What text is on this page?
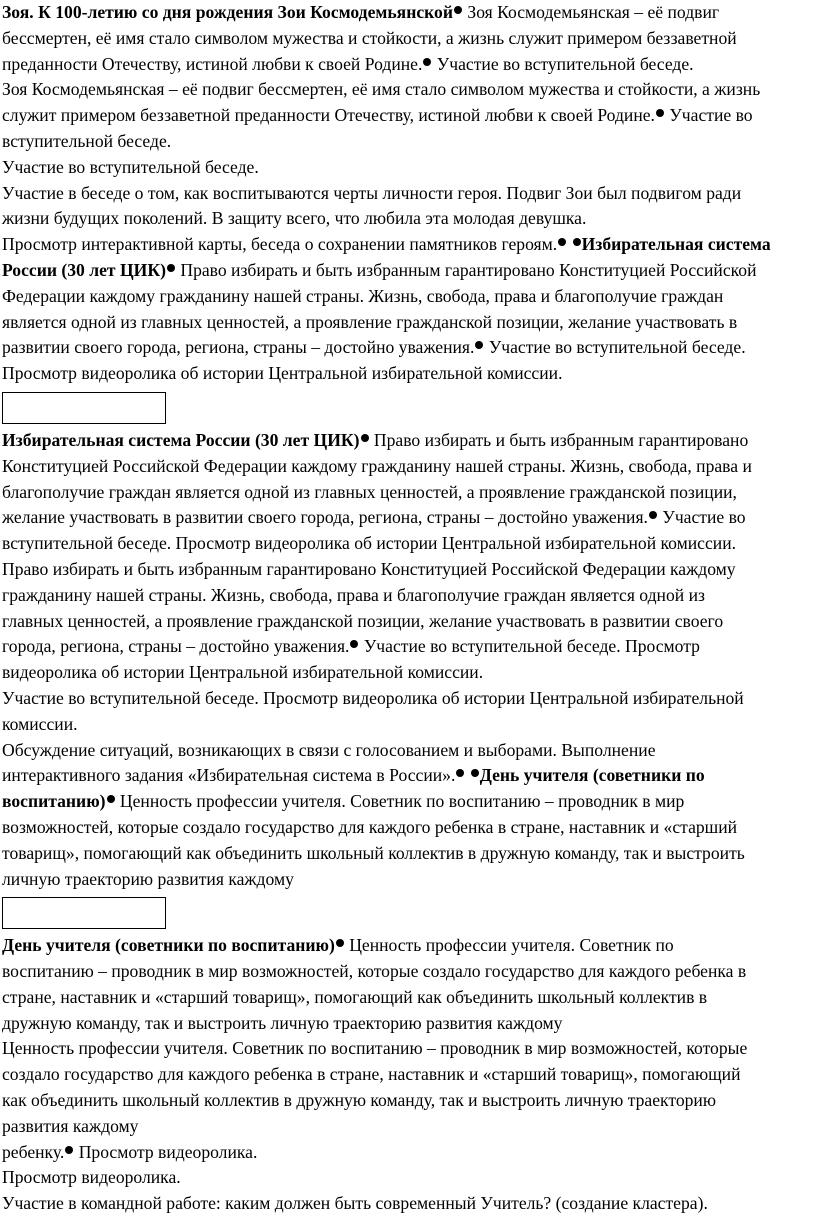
Зоя. К 100-летию со дня рождения Зои Космодемьянской Зоя Космодемьянская – её подвиг
бессмертен, её имя стало символом мужества и стойкости, а жизнь служит примером беззаветной
преданности Отечеству, истиной любви к своей Родине. Участие во вступительной беседе.
Зоя Космодемьянская – её подвиг бессмертен, её имя стало символом мужества и стойкости, а жизнь
служит примером беззаветной преданности Отечеству, истиной любви к своей Родине. Участие во
вступительной беседе.
Участие во вступительной беседе.
Участие в беседе о том, как воспитываются черты личности героя. Подвиг Зои был подвигом ради
жизни будущих поколений. В защиту всего, что любила эта молодая девушка.
Просмотр интерактивной карты, беседа о сохранении памятников героям. Избирательная система
России (30 лет ЦИК) Право избирать и быть избранным гарантировано Конституцией Российской
Федерации каждому гражданину нашей страны. Жизнь, свобода, права и благополучие граждан
является одной из главных ценностей, а проявление гражданской позиции, желание участвовать в
развитии своего города, региона, страны – достойно уважения. Участие во вступительной беседе.
Просмотр видеоролика об истории Центральной избирательной комиссии.
Избирательная система России (30 лет ЦИК) Право избирать и быть избранным гарантировано
Конституцией Российской Федерации каждому гражданину нашей страны. Жизнь, свобода, права и
благополучие граждан является одной из главных ценностей, а проявление гражданской позиции,
желание участвовать в развитии своего города, региона, страны – достойно уважения. Участие во
вступительной беседе. Просмотр видеоролика об истории Центральной избирательной комиссии.
Право избирать и быть избранным гарантировано Конституцией Российской Федерации каждому
гражданину нашей страны. Жизнь, свобода, права и благополучие граждан является одной из
главных ценностей, а проявление гражданской позиции, желание участвовать в развитии своего
города, региона, страны – достойно уважения. Участие во вступительной беседе. Просмотр
видеоролика об истории Центральной избирательной комиссии.
Участие во вступительной беседе. Просмотр видеоролика об истории Центральной избирательной
комиссии.
Обсуждение ситуаций, возникающих в связи с голосованием и выборами. Выполнение
интерактивного задания «Избирательная система в России». День учителя (советники по
воспитанию) Ценность профессии учителя. Советник по воспитанию – проводник в мир
возможностей, которые создало государство для каждого ребенка в стране, наставник и «старший
товарищ», помогающий как объединить школьный коллектив в дружную команду, так и выстроить
личную траекторию развития каждому
День учителя (советники по воспитанию) Ценность профессии учителя. Советник по
воспитанию – проводник в мир возможностей, которые создало государство для каждого ребенка в
стране, наставник и «старший товарищ», помогающий как объединить школьный коллектив в
дружную команду, так и выстроить личную траекторию развития каждому
Ценность профессии учителя. Советник по воспитанию – проводник в мир возможностей, которые
создало государство для каждого ребенка в стране, наставник и «старший товарищ», помогающий
как объединить школьный коллектив в дружную команду, так и выстроить личную траекторию
развития каждому
ребенку. Просмотр видеоролика.
Просмотр видеоролика.
Участие в командной работе: каким должен быть современный Учитель? (создание кластера).
